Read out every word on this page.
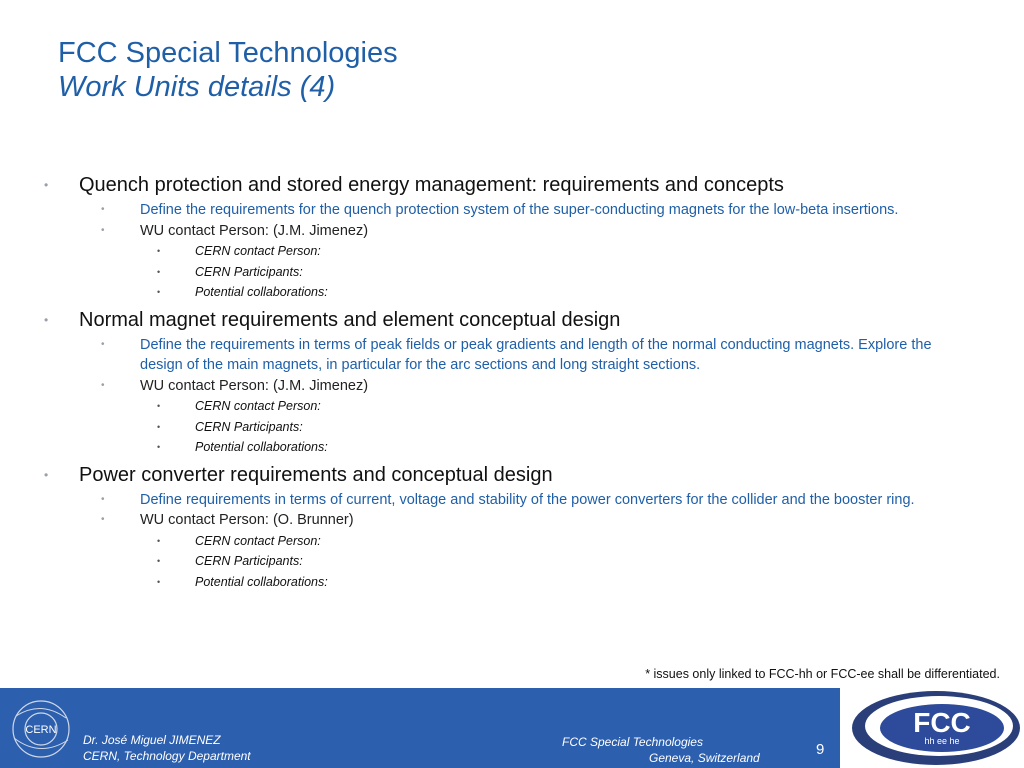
FCC Special Technologies
Work Units details (4)
• Quench protection and stored energy management: requirements and concepts
• Define the requirements for the quench protection system of the super-conducting magnets for the low-beta insertions.
• WU contact Person: (J.M. Jimenez)
•	CERN contact Person:
•	CERN Participants:
•	Potential collaborations:
• Normal magnet requirements and element conceptual design
• Define the requirements in terms of peak fields or peak gradients and length of the normal conducting magnets. Explore the design of the main magnets, in particular for the arc sections and long straight sections.
• WU contact Person: (J.M. Jimenez)
•	CERN contact Person:
•	CERN Participants:
•	Potential collaborations:
• Power converter requirements and conceptual design
• Define requirements in terms of current, voltage and stability of the power converters for the collider and the booster ring.
• WU contact Person: (O. Brunner)
•	CERN contact Person:
•	CERN Participants:
•	Potential collaborations:
* issues only linked to FCC-hh or FCC-ee shall be differentiated.
CERN
Dr. José Miguel JIMENEZ
CERN, Technology Department
FCC Special Technologies
Geneva, Switzerland	9
FCC
hh ee he
